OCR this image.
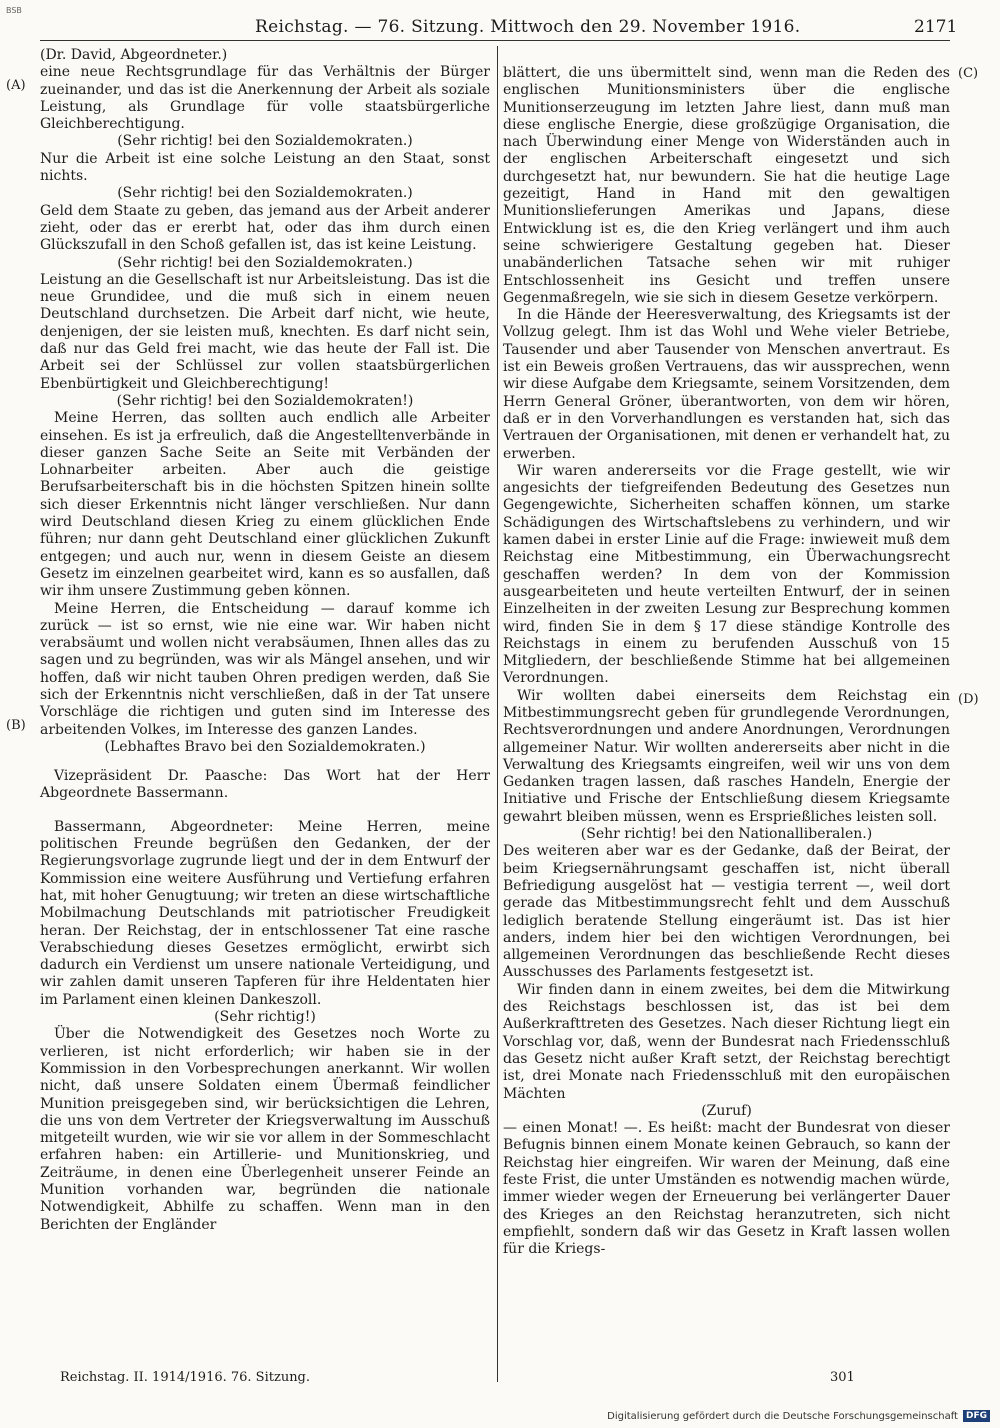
BSB
Reichstag. — 76. Sitzung. Mittwoch den 29. November 1916.	2171
(A)
(B)
(C)
(D)

(Dr. David, Abgeordneter.)

eine neue Rechtsgrundlage für das Verhältnis der Bürger zueinander, und das ist die Anerkennung der Arbeit als soziale Leistung, als Grundlage für volle staatsbürgerliche Gleichberechtigung.

(Sehr richtig! bei den Sozialdemokraten.)

Nur die Arbeit ist eine solche Leistung an den Staat, sonst nichts.

(Sehr richtig! bei den Sozialdemokraten.)

Geld dem Staate zu geben, das jemand aus der Arbeit anderer zieht, oder das er ererbt hat, oder das ihm durch einen Glückszufall in den Schoß gefallen ist, das ist keine Leistung.

(Sehr richtig! bei den Sozialdemokraten.)

Leistung an die Gesellschaft ist nur Arbeitsleistung. Das ist die neue Grundidee, und die muß sich in einem neuen Deutschland durchsetzen. Die Arbeit darf nicht, wie heute, denjenigen, der sie leisten muß, knechten. Es darf nicht sein, daß nur das Geld frei macht, wie das heute der Fall ist. Die Arbeit sei der Schlüssel zur vollen staatsbürgerlichen Ebenbürtigkeit und Gleichberechtigung!

(Sehr richtig! bei den Sozialdemokraten!)

Meine Herren, das sollten auch endlich alle Arbeiter einsehen. Es ist ja erfreulich, daß die Angestelltenverbände in dieser ganzen Sache Seite an Seite mit Verbänden der Lohnarbeiter arbeiten. Aber auch die geistige Berufsarbeiterschaft bis in die höchsten Spitzen hinein sollte sich dieser Erkenntnis nicht länger verschließen. Nur dann wird Deutschland diesen Krieg zu einem glücklichen Ende führen; nur dann geht Deutschland einer glücklichen Zukunft entgegen; und auch nur, wenn in diesem Geiste an diesem Gesetz im einzelnen gearbeitet wird, kann es so ausfallen, daß wir ihm unsere Zustimmung geben können.

Meine Herren, die Entscheidung — darauf komme ich zurück — ist so ernst, wie nie eine war. Wir haben nicht verabsäumt und wollen nicht verabsäumen, Ihnen alles das zu sagen und zu begründen, was wir als Mängel ansehen, und wir hoffen, daß wir nicht tauben Ohren predigen werden, daß Sie sich der Erkenntnis nicht verschließen, daß in der Tat unsere Vorschläge die richtigen und guten sind im Interesse des arbeitenden Volkes, im Interesse des ganzen Landes.

(Lebhaftes Bravo bei den Sozialdemokraten.)

Vizepräsident Dr. Paasche: Das Wort hat der Herr Abgeordnete Bassermann.

Bassermann, Abgeordneter: Meine Herren, meine politischen Freunde begrüßen den Gedanken, der der Regierungsvorlage zugrunde liegt und der in dem Entwurf der Kommission eine weitere Ausführung und Vertiefung erfahren hat, mit hoher Genugtuung; wir treten an diese wirtschaftliche Mobilmachung Deutschlands mit patriotischer Freudigkeit heran. Der Reichstag, der in entschlossener Tat eine rasche Verabschiedung dieses Gesetzes ermöglicht, erwirbt sich dadurch ein Verdienst um unsere nationale Verteidigung, und wir zahlen damit unseren Tapferen für ihre Heldentaten hier im Parlament einen kleinen Dankeszoll.

(Sehr richtig!)

Über die Notwendigkeit des Gesetzes noch Worte zu verlieren, ist nicht erforderlich; wir haben sie in der Kommission in den Vorbesprechungen anerkannt. Wir wollen nicht, daß unsere Soldaten einem Übermaß feindlicher Munition preisgegeben sind, wir berücksichtigen die Lehren, die uns von dem Vertreter der Kriegsverwaltung im Ausschuß mitgeteilt wurden, wie wir sie vor allem in der Sommeschlacht erfahren haben: ein Artillerie- und Munitionskrieg, und Zeiträume, in denen eine Überlegenheit unserer Feinde an Munition vorhanden war, begründen die nationale Notwendigkeit, Abhilfe zu schaffen. Wenn man in den Berichten der Engländer

blättert, die uns übermittelt sind, wenn man die Reden des englischen Munitionsministers über die englische Munitionserzeugung im letzten Jahre liest, dann muß man diese englische Energie, diese großzügige Organisation, die nach Überwindung einer Menge von Widerständen auch in der englischen Arbeiterschaft eingesetzt und sich durchgesetzt hat, nur bewundern. Sie hat die heutige Lage gezeitigt, Hand in Hand mit den gewaltigen Munitionslieferungen Amerikas und Japans, diese Entwicklung ist es, die den Krieg verlängert und ihm auch seine schwierigere Gestaltung gegeben hat. Dieser unabänderlichen Tatsache sehen wir mit ruhiger Entschlossenheit ins Gesicht und treffen unsere Gegenmaßregeln, wie sie sich in diesem Gesetze verkörpern.

In die Hände der Heeresverwaltung, des Kriegsamts ist der Vollzug gelegt. Ihm ist das Wohl und Wehe vieler Betriebe, Tausender und aber Tausender von Menschen anvertraut. Es ist ein Beweis großen Vertrauens, das wir aussprechen, wenn wir diese Aufgabe dem Kriegsamte, seinem Vorsitzenden, dem Herrn General Gröner, überantworten, von dem wir hören, daß er in den Vorverhandlungen es verstanden hat, sich das Vertrauen der Organisationen, mit denen er verhandelt hat, zu erwerben.

Wir waren andererseits vor die Frage gestellt, wie wir angesichts der tiefgreifenden Bedeutung des Gesetzes nun Gegengewichte, Sicherheiten schaffen können, um starke Schädigungen des Wirtschaftslebens zu verhindern, und wir kamen dabei in erster Linie auf die Frage: inwieweit muß dem Reichstag eine Mitbestimmung, ein Überwachungsrecht geschaffen werden? In dem von der Kommission ausgearbeiteten und heute verteilten Entwurf, der in seinen Einzelheiten in der zweiten Lesung zur Besprechung kommen wird, finden Sie in dem § 17 diese ständige Kontrolle des Reichstags in einem zu berufenden Ausschuß von 15 Mitgliedern, der beschließende Stimme hat bei allgemeinen Verordnungen.

Wir wollten dabei einerseits dem Reichstag ein Mitbestimmungsrecht geben für grundlegende Verordnungen, Rechtsverordnungen und andere Anordnungen, Verordnungen allgemeiner Natur. Wir wollten andererseits aber nicht in die Verwaltung des Kriegsamts eingreifen, weil wir uns von dem Gedanken tragen lassen, daß rasches Handeln, Energie der Initiative und Frische der Entschließung diesem Kriegsamte gewahrt bleiben müssen, wenn es Ersprießliches leisten soll.

(Sehr richtig! bei den Nationalliberalen.)

Des weiteren aber war es der Gedanke, daß der Beirat, der beim Kriegsernährungsamt geschaffen ist, nicht überall Befriedigung ausgelöst hat — vestigia terrent —, weil dort gerade das Mitbestimmungsrecht fehlt und dem Ausschuß lediglich beratende Stellung eingeräumt ist. Das ist hier anders, indem hier bei den wichtigen Verordnungen, bei allgemeinen Verordnungen das beschließende Recht dieses Ausschusses des Parlaments festgesetzt ist.

Wir finden dann in einem zweites, bei dem die Mitwirkung des Reichstags beschlossen ist, das ist bei dem Außerkrafttreten des Gesetzes. Nach dieser Richtung liegt ein Vorschlag vor, daß, wenn der Bundesrat nach Friedensschluß das Gesetz nicht außer Kraft setzt, der Reichstag berechtigt ist, drei Monate nach Friedensschluß mit den europäischen Mächten

(Zuruf)

— einen Monat! —. Es heißt: macht der Bundesrat von dieser Befugnis binnen einem Monate keinen Gebrauch, so kann der Reichstag hier eingreifen. Wir waren der Meinung, daß eine feste Frist, die unter Umständen es notwendig machen würde, immer wieder wegen der Erneuerung bei verlängerter Dauer des Krieges an den Reichstag heranzutreten, sich nicht empfiehlt, sondern daß wir das Gesetz in Kraft lassen wollen für die Kriegs-

Reichstag. II. 1914/1916. 76. Sitzung.	301
Digitalisierung gefördert durch die Deutsche Forschungsgemeinschaft DFG
